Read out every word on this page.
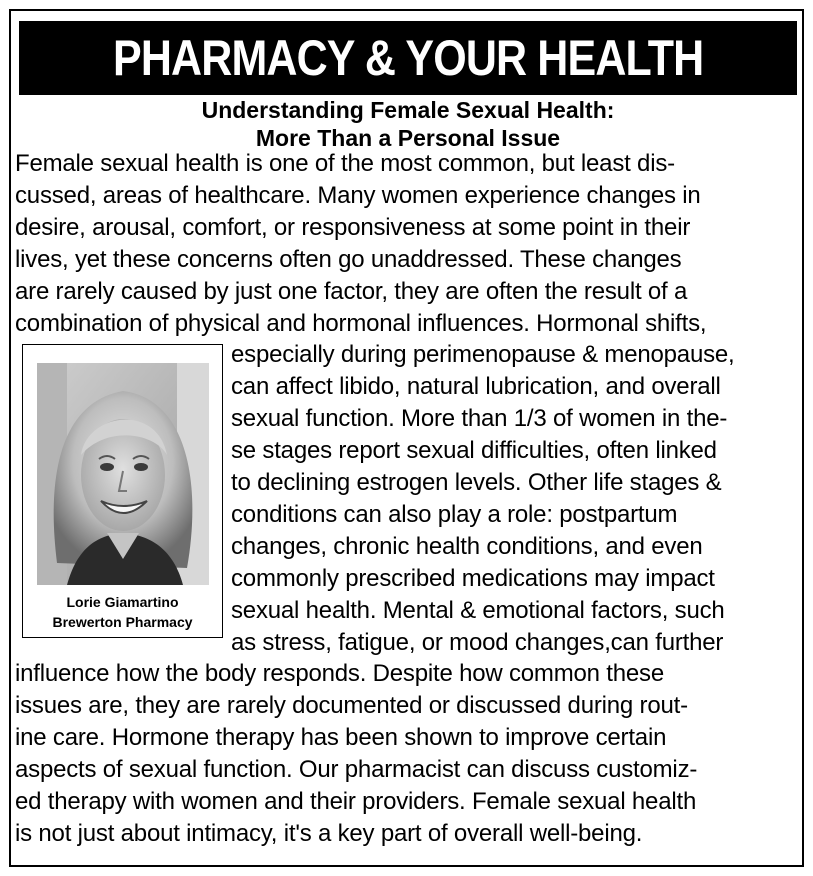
PHARMACY & YOUR HEALTH
Understanding Female Sexual Health:
More Than a Personal Issue
Lorie Giamartino
Brewerton Pharmacy
Female sexual health is one of the most common, but least dis-
cussed, areas of healthcare. Many women experience changes in
desire, arousal, comfort, or responsiveness at some point in their
lives, yet these concerns often go unaddressed. These changes
are rarely caused by just one factor, they are often the result of a
combination of physical and hormonal influences. Hormonal shifts,
especially during perimenopause & menopause,
can affect libido, natural lubrication, and overall
sexual function. More than 1/3 of women in the-
se stages report sexual difficulties, often linked
to declining estrogen levels. Other life stages &
conditions can also play a role: postpartum
changes, chronic health conditions, and even
commonly prescribed medications may impact
sexual health. Mental & emotional factors, such
as stress, fatigue, or mood changes,can further
influence how the body responds. Despite how common these
issues are, they are rarely documented or discussed during rout-
ine care. Hormone therapy has been shown to improve certain
aspects of sexual function. Our pharmacist can discuss customiz-
ed therapy with women and their providers. Female sexual health
is not just about intimacy, it's a key part of overall well-being.
